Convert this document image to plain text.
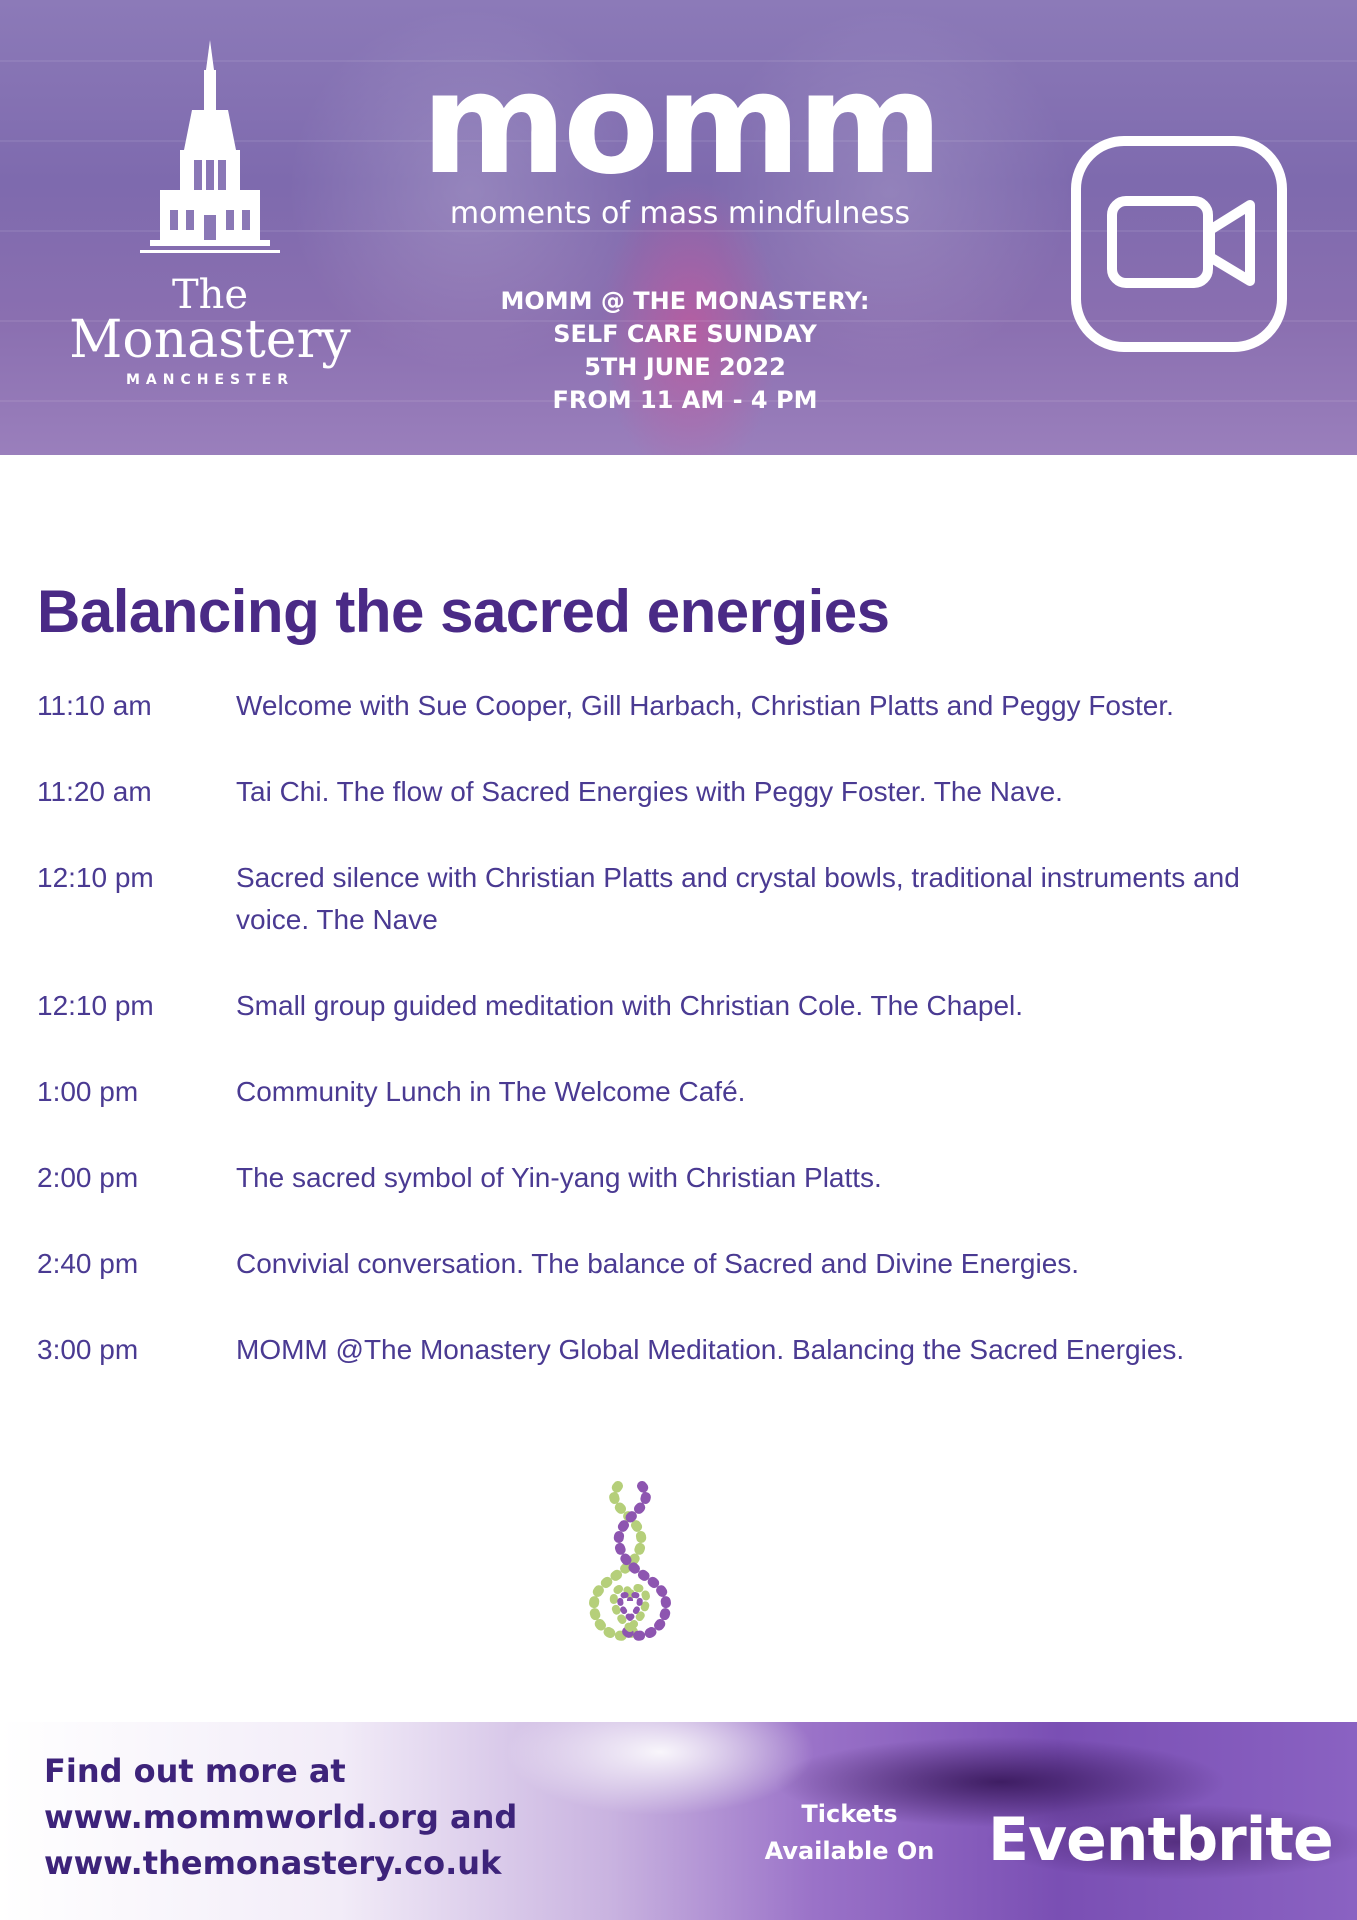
The
Monastery
MANCHESTER
momm
moments of mass mindfulness
MOMM @ THE MONASTERY:
SELF CARE SUNDAY
5TH JUNE 2022
FROM 11 AM - 4 PM
Balancing the sacred energies
11:10 am	Welcome with Sue Cooper, Gill Harbach, Christian Platts and Peggy Foster.
11:20 am	Tai Chi. The flow of Sacred Energies with Peggy Foster. The Nave.
12:10 pm	Sacred silence with Christian Platts and crystal bowls, traditional instruments and voice. The Nave
12:10 pm	Small group guided meditation with Christian Cole. The Chapel.
1:00 pm	Community Lunch in The Welcome Café.
2:00 pm	The sacred symbol of Yin-yang with Christian Platts.
2:40 pm	Convivial conversation. The balance of Sacred and Divine Energies.
3:00 pm	MOMM @The Monastery Global Meditation. Balancing the Sacred Energies.
Find out more at
www.mommworld.org and
www.themonastery.co.uk
Tickets
Available On Eventbrite
